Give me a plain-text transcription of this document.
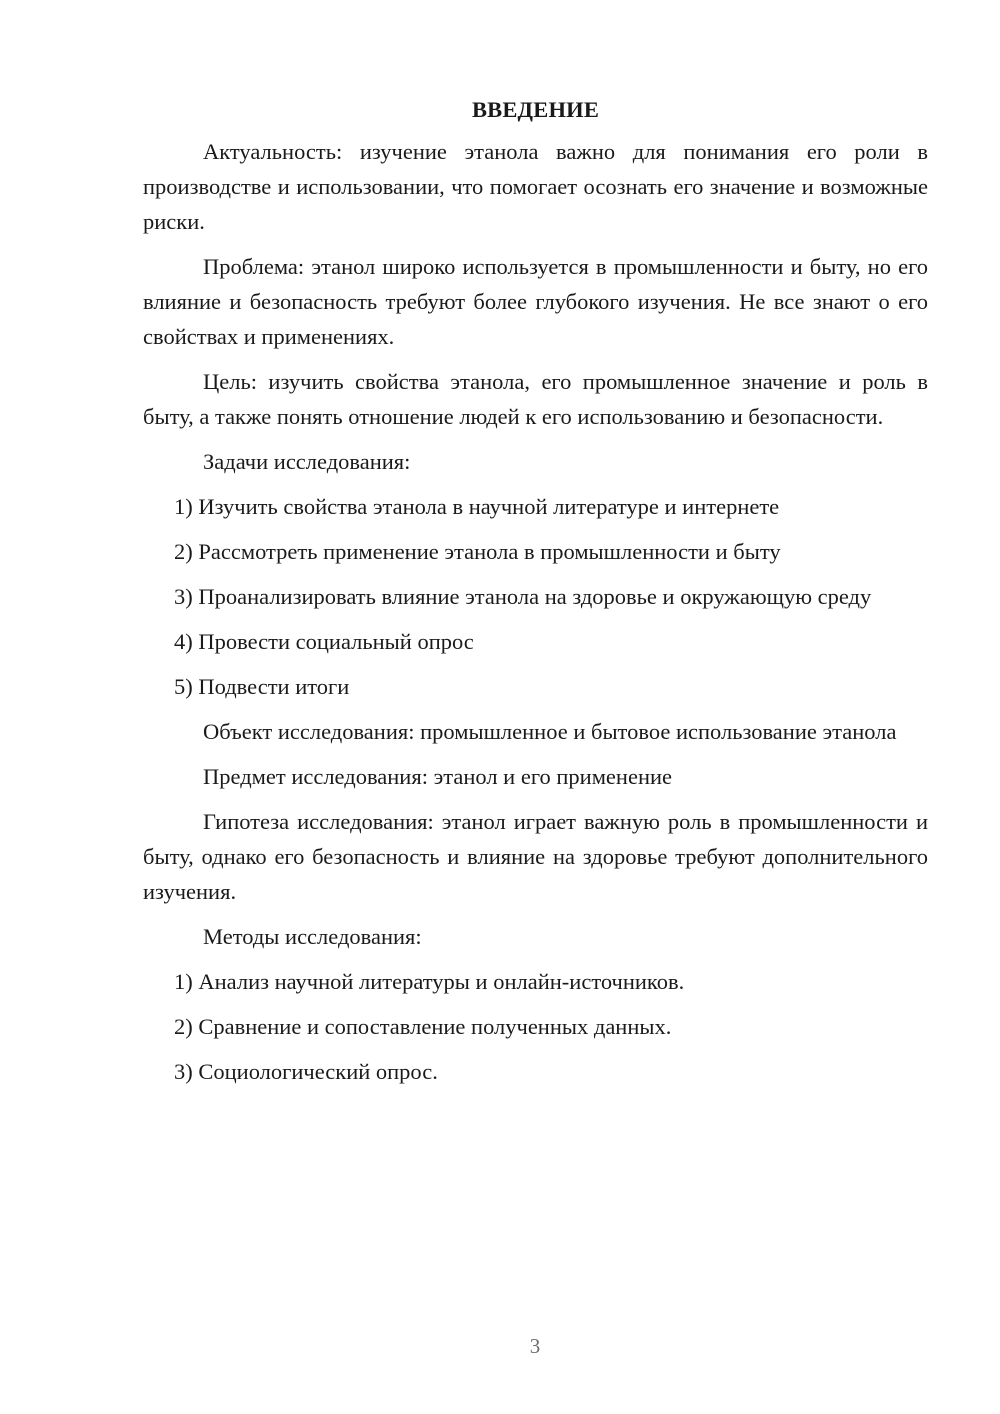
ВВЕДЕНИЕ

Актуальность: изучение этанола важно для понимания его роли в производстве и использовании, что помогает осознать его значение и возможные риски.

Проблема: этанол широко используется в промышленности и быту, но его влияние и безопасность требуют более глубокого изучения. Не все знают о его свойствах и применениях.

Цель: изучить свойства этанола, его промышленное значение и роль в быту, а также понять отношение людей к его использованию и безопасности.

Задачи исследования:

1) Изучить свойства этанола в научной литературе и интернете

2) Рассмотреть применение этанола в промышленности и быту

3) Проанализировать влияние этанола на здоровье и окружающую среду

4) Провести социальный опрос

5) Подвести итоги

Объект исследования: промышленное и бытовое использование этанола

Предмет исследования: этанол и его применение

Гипотеза исследования: этанол играет важную роль в промышленности и быту, однако его безопасность и влияние на здоровье требуют дополнительного изучения.

Методы исследования:

1) Анализ научной литературы и онлайн-источников.

2) Сравнение и сопоставление полученных данных.

3) Социологический опрос.

3
